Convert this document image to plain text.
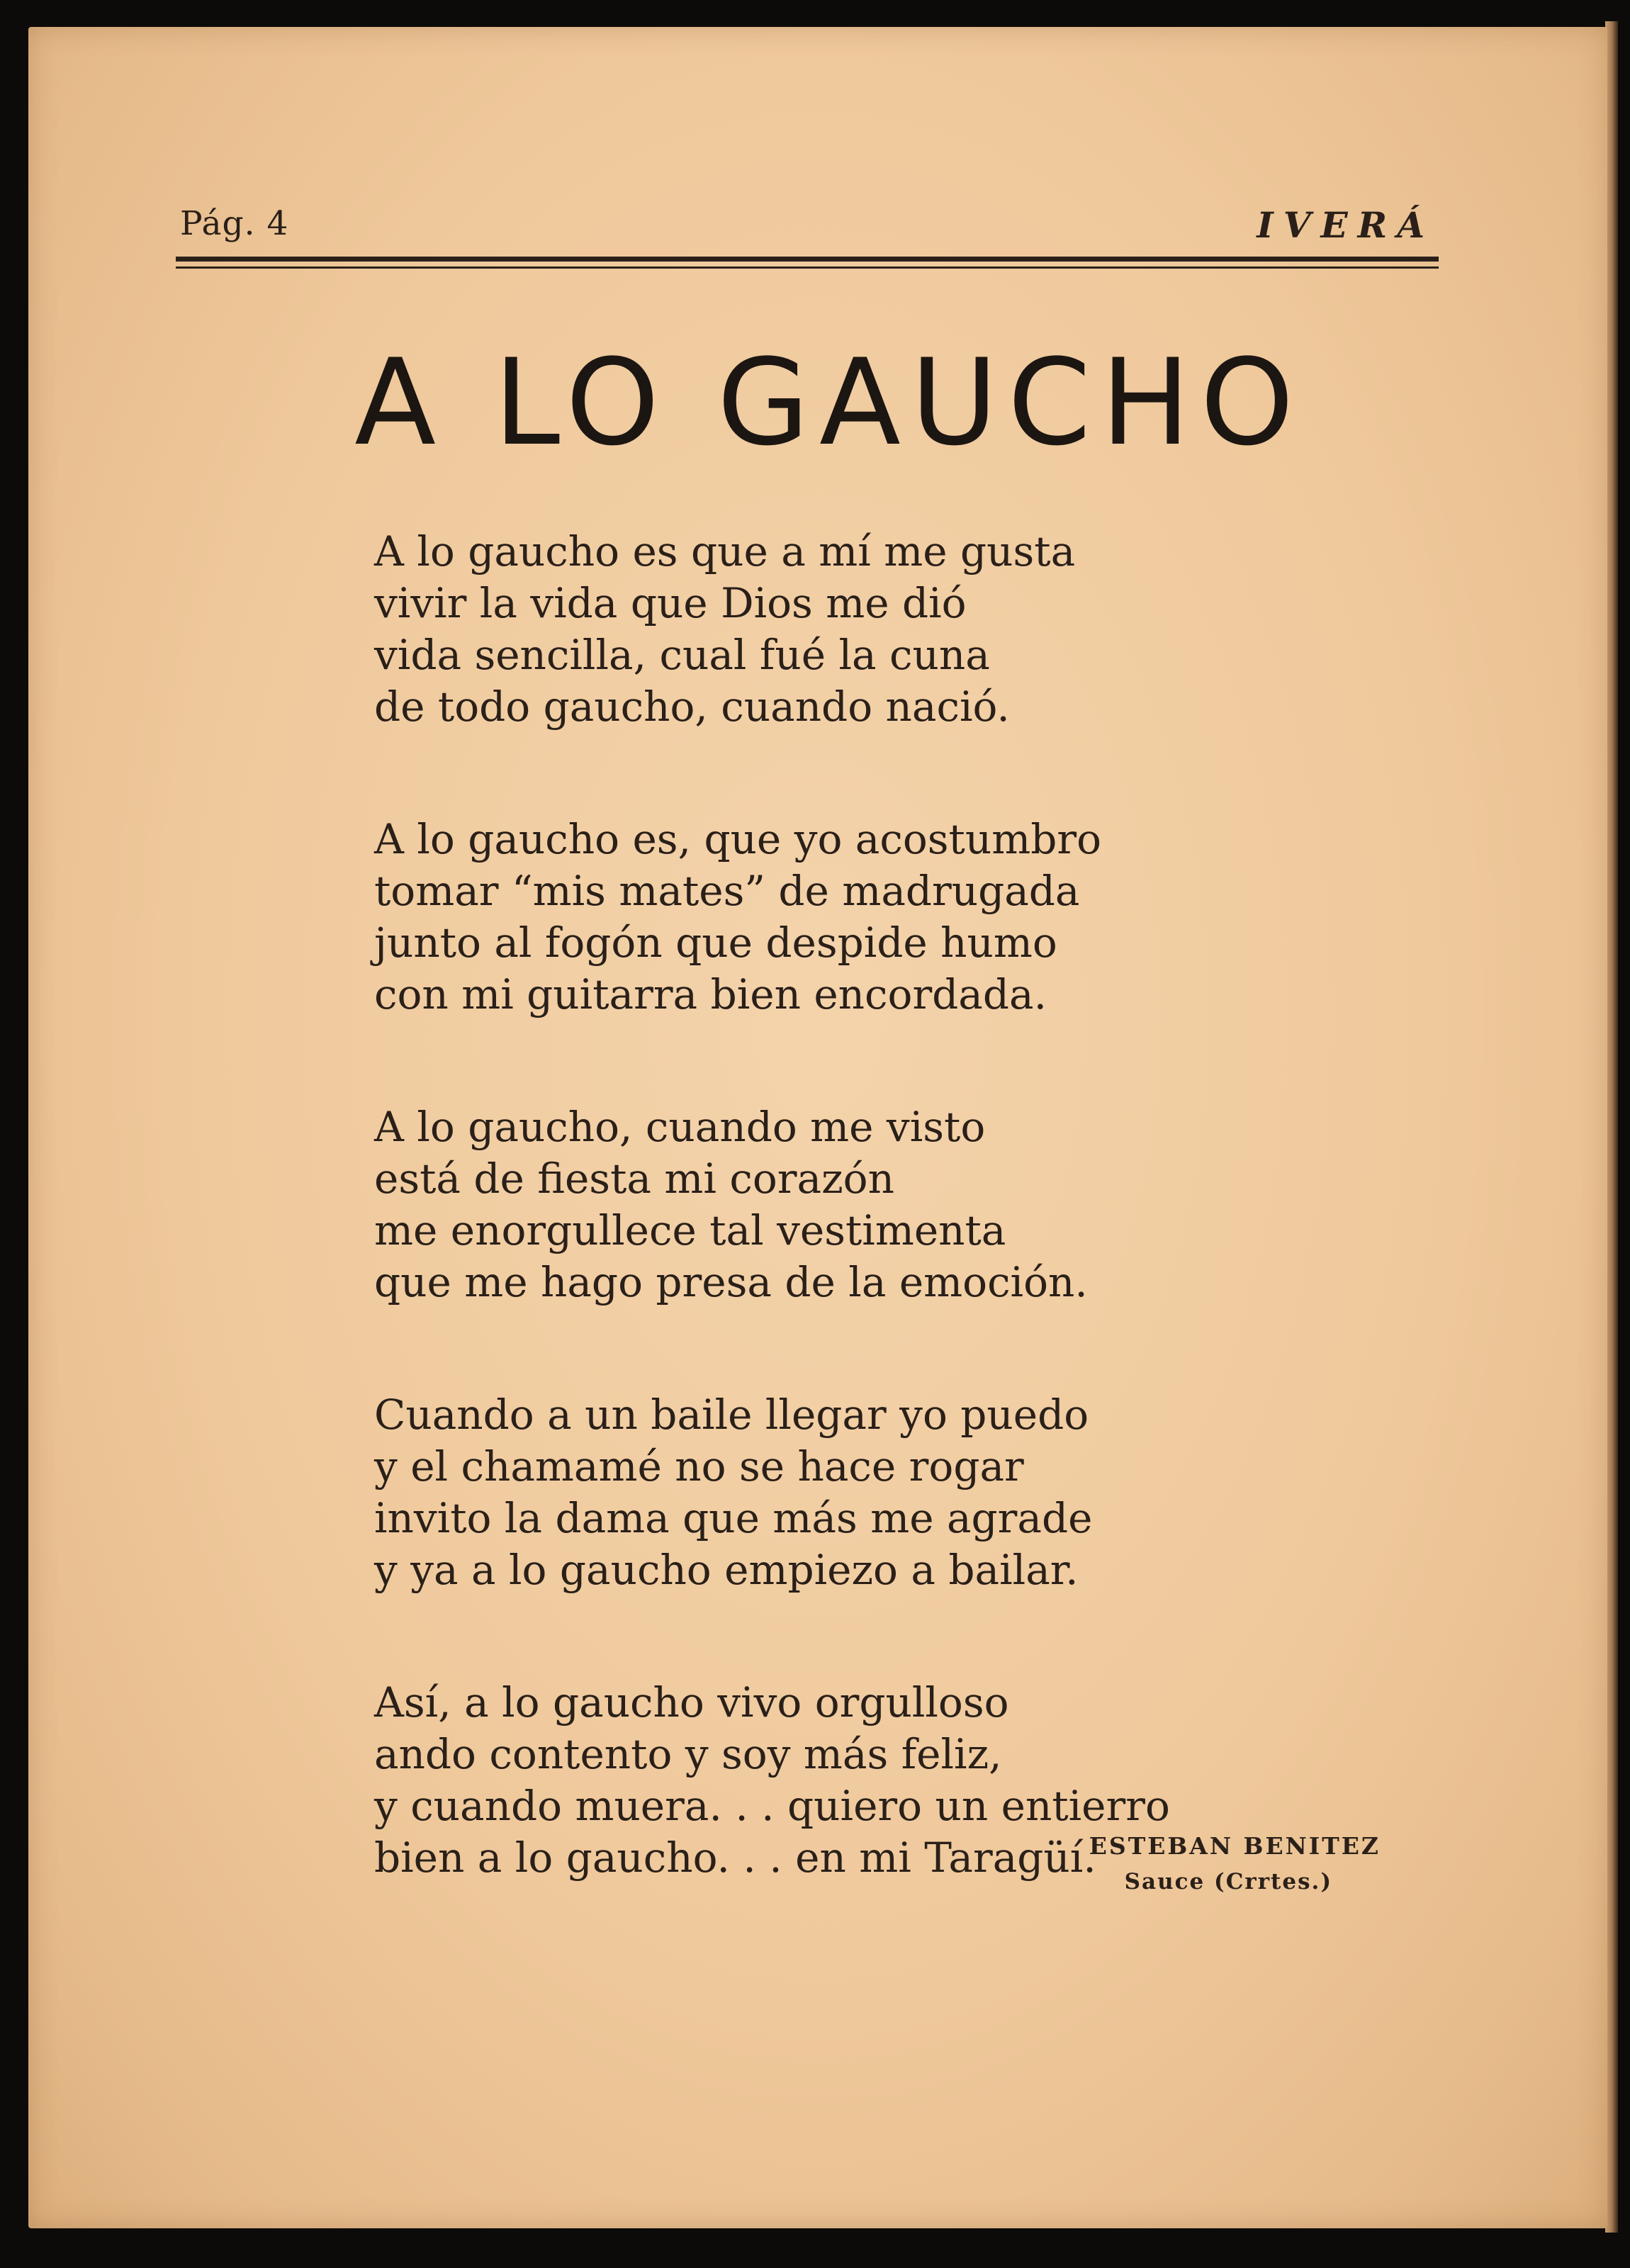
Pág. 4	IVERÁ
A LO GAUCHO
A lo gaucho es que a mí me gusta
vivir la vida que Dios me dió
vida sencilla, cual fué la cuna
de todo gaucho, cuando nació.
A lo gaucho es, que yo acostumbro
tomar “mis mates” de madrugada
junto al fogón que despide humo
con mi guitarra bien encordada.
A lo gaucho, cuando me visto
está de fiesta mi corazón
me enorgullece tal vestimenta
que me hago presa de la emoción.
Cuando a un baile llegar yo puedo
y el chamamé no se hace rogar
invito la dama que más me agrade
y ya a lo gaucho empiezo a bailar.
Así, a lo gaucho vivo orgulloso
ando contento y soy más feliz,
y cuando muera. . . quiero un entierro
bien a lo gaucho. . . en mi Taragüí.
ESTEBAN BENITEZ
Sauce (Crrtes.)
